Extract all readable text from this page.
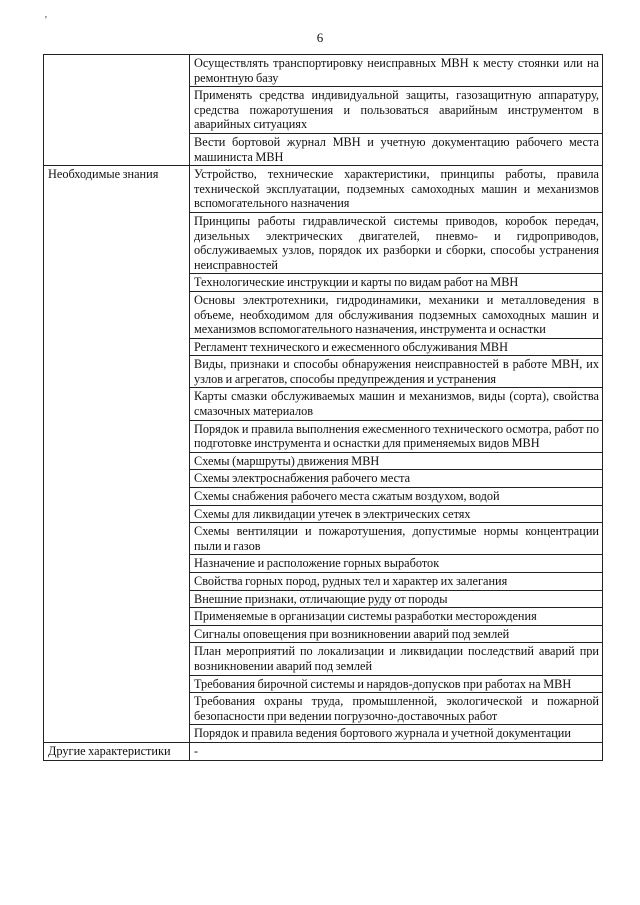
6
’
	Осуществлять транспортировку неисправных МВН к месту стоянки или на ремонтную базу
	Применять средства индивидуальной защиты, газозащитную аппаратуру, средства пожаротушения и пользоваться аварийным инструментом в аварийных ситуациях
	Вести бортовой журнал МВН и учетную документацию рабочего места машиниста МВН
Необходимые знания	Устройство, технические характеристики, принципы работы, правила технической эксплуатации, подземных самоходных машин и механизмов вспомогательного назначения
	Принципы работы гидравлической системы приводов, коробок передач, дизельных электрических двигателей, пневмо- и гидроприводов, обслуживаемых узлов, порядок их разборки и сборки, способы устранения неисправностей
	Технологические инструкции и карты по видам работ на МВН
	Основы электротехники, гидродинамики, механики и металловедения в объеме, необходимом для обслуживания подземных самоходных машин и механизмов вспомогательного назначения, инструмента и оснастки
	Регламент технического и ежесменного обслуживания МВН
	Виды, признаки и способы обнаружения неисправностей в работе МВН, их узлов и агрегатов, способы предупреждения и устранения
	Карты смазки обслуживаемых машин и механизмов, виды (сорта), свойства смазочных материалов
	Порядок и правила выполнения ежесменного технического осмотра, работ по подготовке инструмента и оснастки для применяемых видов МВН
	Схемы (маршруты) движения МВН
	Схемы электроснабжения рабочего места
	Схемы снабжения рабочего места сжатым воздухом, водой
	Схемы для ликвидации утечек в электрических сетях
	Схемы вентиляции и пожаротушения, допустимые нормы концентрации пыли и газов
	Назначение и расположение горных выработок
	Свойства горных пород, рудных тел и характер их залегания
	Внешние признаки, отличающие руду от породы
	Применяемые в организации системы разработки месторождения
	Сигналы оповещения при возникновении аварий под землей
	План мероприятий по локализации и ликвидации последствий аварий при возникновении аварий под землей
	Требования бирочной системы и нарядов-допусков при работах на МВН
	Требования охраны труда, промышленной, экологической и пожарной безопасности при ведении погрузочно-доставочных работ
	Порядок и правила ведения бортового журнала и учетной документации
Другие характеристики	-
